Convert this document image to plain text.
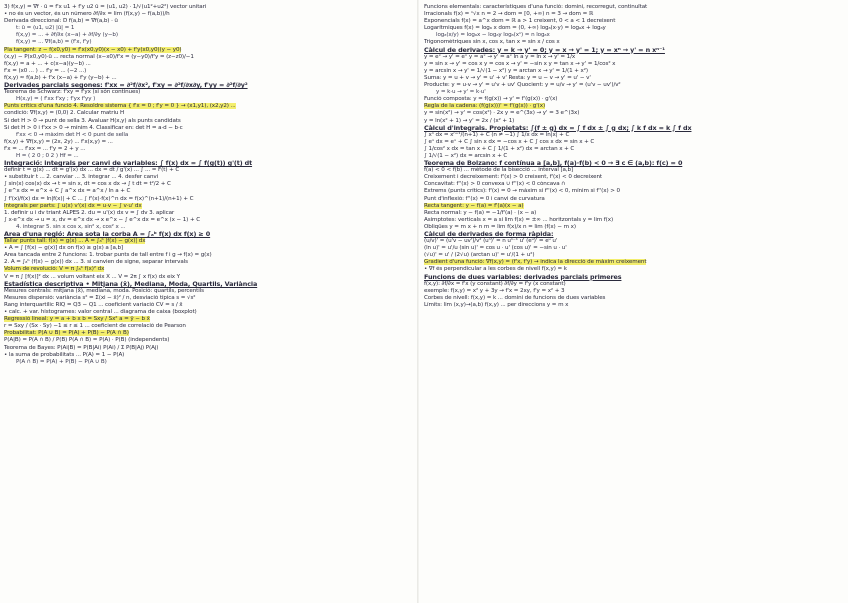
3) f(x,y) = ∇f · ū = f'x u1 + f'y u2 ū = (u1, u2) · 1/√(u1²+u2²) vector unitari
• no és un vector, és un número ∂f/∂x = lim (f(x,y) − f(a,b))/h
Derivada direccional: D f(a,b) = ∇f(a,b) · ū
t: ū = (u1, u2) |ū| = 1
f(x,y) = ... + ∂f/∂x (x−a) + ∂f/∂y (y−b)
f(x,y) = ... ∇f(a,b) = (f'x, f'y)
Pla tangent: z − f(x0,y0) = f'x(x0,y0)(x − x0) + f'y(x0,y0)(y − y0)
(x,y) − P(x0,y0)·ū ... recta normal (x−x0)/f'x = (y−y0)/f'y = (z−z0)/−1
f(x,y) = a + ... + c(x−a)(y−b) ...
f'x = (x0 ... ) ... f'y = ... (−2 ...)
f(x,y) ≈ f(a,b) + f'x (x−a) + f'y (y−b) + ...
Derivades parcials segones: f'xx = ∂²f/∂x², f'xy = ∂²f/∂x∂y, f'yy = ∂²f/∂y²
Teorema de Schwarz: f'xy = f'yx (si són contínues)
H(x,y) = ( f'xx f'xy ; f'yx f'yy )
Punts crítics d'una funció 4. Resoldre sistema { f'x = 0 ; f'y = 0 } → (x1,y1), (x2,y2) ...
condició: ∇f(x,y) = (0,0) 2. Calcular matriu H
Si det H > 0 → punt de sella 3. Avaluar H(x,y) als punts candidats
Si det H > 0 i f'xx > 0 → mínim 4. Classificar en: det H = a·d − b·c
f'xx < 0 → màxim det H < 0 punt de sella
f(x,y) + ∇f(x,y) = (2x, 2y) ... f'x(x,y) = ...
f'x = ... f'xx = ... f'y = 2 + y ...
H = ( 2 0 ; 0 2 ) Hf = ...
Integració: integrals per canvi de variables: ∫ f(x) dx = ∫ f(g(t)) g'(t) dt
definir t = g(x) ... dt = g'(x) dx ... dx = dt / g'(x) ... ∫ ... = F(t) + C
• substituir t ... 2. canviar ... 3. integrar ... 4. desfer canvi
∫ sin(x) cos(x) dx → t = sin x, dt = cos x dx → ∫ t dt = t²/2 + C
∫ e^x dx = e^x + C ∫ a^x dx = a^x / ln a + C
∫ f'(x)/f(x) dx = ln|f(x)| + C ... ∫ f'(x)·f(x)^n dx = f(x)^(n+1)/(n+1) + C
Integrals per parts: ∫ u(x) v'(x) dx = u·v − ∫ v·u' dx
1. definir u i dv triant ALPES 2. du = u'(x) dx v = ∫ dv 3. aplicar
∫ x·e^x dx → u = x, dv = e^x dx → x e^x − ∫ e^x dx = e^x (x − 1) + C
4. integrar 5. sin x cos x, sin² x, cos² x ...
Àrea d'una regió: Àrea sota la corba A = ∫ₐᵇ f(x) dx f(x) ≥ 0
Tallar punts tall: f(x) = g(x) ... A = ∫ₐᵇ |f(x) − g(x)| dx
• A = ∫ [f(x) − g(x)] dx on f(x) ≥ g(x) a [a,b]
Àrea tancada entre 2 funcions: 1. trobar punts de tall entre f i g → f(x) = g(x)
2. A = ∫ₐᵇ (f(x) − g(x)) dx ... 3. si canvien de signe, separar intervals
Volum de revolució: V = π ∫ₐᵇ f(x)² dx
V = π ∫ [f(x)]² dx ... volum voltant eix X ... V = 2π ∫ x f(x) dx eix Y
Estadística descriptiva • Mitjana (x̄), Mediana, Moda, Quartils, Variància
Mesures centrals: mitjana (x̄), mediana, moda. Posició: quartils, percentils
Mesures dispersió: variància s² = Σ(xi − x̄)² / n, desviació típica s = √s²
Rang interquartílic RIQ = Q3 − Q1 ... coeficient variació CV = s / x̄
• calc. + var. histogrames: valor central ... diagrama de caixa (boxplot)
Regressió lineal: y = a + b x b = Sxy / Sx² a = ȳ − b x̄
r = Sxy / (Sx · Sy) −1 ≤ r ≤ 1 ... coeficient de correlació de Pearson
Probabilitat: P(A ∪ B) = P(A) + P(B) − P(A ∩ B)
P(A|B) = P(A ∩ B) / P(B) P(A ∩ B) = P(A) · P(B) (independents)
Teorema de Bayes: P(Ai|B) = P(B|Ai) P(Ai) / Σ P(B|Aj) P(Aj)
• la suma de probabilitats ... P(Ā) = 1 − P(A)
P(A ∩ B) = P(A) + P(B) − P(A ∪ B)
Funcions elementals: característiques d'una funció: domini, recorregut, continuïtat
Irracionals f(x) = ⁿ√x n = 2 → dom = [0, +∞) n = 3 → dom = ℝ
Exponencials f(x) = a^x dom = ℝ a > 1 creixent, 0 < a < 1 decreixent
Logarítmiques f(x) = logₐ x dom = (0, +∞) logₐ(x·y) = logₐx + logₐy
logₐ(x/y) = logₐx − logₐy logₐ(xⁿ) = n logₐx
Trigonomètriques sin x, cos x, tan x = sin x / cos x
Càlcul de derivades: y = k → y' = 0; y = x → y' = 1; y = xⁿ → y' = n xⁿ⁻¹
y = eˣ → y' = eˣ y = aˣ → y' = aˣ ln a y = ln x → y' = 1/x
y = sin x → y' = cos x y = cos x → y' = −sin x y = tan x → y' = 1/cos² x
y = arcsin x → y' = 1/√(1 − x²) y = arctan x → y' = 1/(1 + x²)
Suma: y = u + v → y' = u' + v' Resta: y = u − v → y' = u' − v'
Producte: y = u·v → y' = u'v + uv' Quocient: y = u/v → y' = (u'v − uv')/v²
y = k·u → y' = k·u'
Funció composta: y = f(g(x)) → y' = f'(g(x)) · g'(x)
Regla de la cadena: (f(g(x)))' = f'(g(x)) · g'(x)
y = sin(x²) → y' = cos(x²) · 2x y = e^(3x) → y' = 3 e^(3x)
y = ln(x² + 1) → y' = 2x / (x² + 1)
Càlcul d'integrals. Propietats: ∫(f ± g) dx = ∫ f dx ± ∫ g dx; ∫ k f dx = k ∫ f dx
∫ xⁿ dx = xⁿ⁺¹/(n+1) + C (n ≠ −1) ∫ 1/x dx = ln|x| + C
∫ eˣ dx = eˣ + C ∫ sin x dx = −cos x + C ∫ cos x dx = sin x + C
∫ 1/cos² x dx = tan x + C ∫ 1/(1 + x²) dx = arctan x + C
∫ 1/√(1 − x²) dx = arcsin x + C
Teorema de Bolzano: f contínua a [a,b], f(a)·f(b) < 0 → ∃ c ∈ (a,b): f(c) = 0
f(a) < 0 < f(b) ... mètode de la bisecció ... interval [a,b]
Creixement i decreixement: f'(x) > 0 creixent, f'(x) < 0 decreixent
Concavitat: f''(x) > 0 convexa ∪ f''(x) < 0 còncava ∩
Extrems (punts crítics): f'(x) = 0 → màxim si f''(x) < 0, mínim si f''(x) > 0
Punt d'inflexió: f''(x) = 0 i canvi de curvatura
Recta tangent: y − f(a) = f'(a)(x − a)
Recta normal: y − f(a) = −1/f'(a) · (x − a)
Asímptotes: verticals x = a si lim f(x) = ±∞ ... horitzontals y = lim f(x)
Obliqües y = m x + n m = lim f(x)/x n = lim (f(x) − m x)
Càlcul de derivades de forma ràpida:
(u/v)' = (u'v − uv')/v² (uⁿ)' = n uⁿ⁻¹ u' (eᵘ)' = eᵘ u'
(ln u)' = u'/u (sin u)' = cos u · u' (cos u)' = −sin u · u'
(√u)' = u' / (2√u) (arctan u)' = u'/(1 + u²)
Gradient d'una funció: ∇f(x,y) = (f'x, f'y) → indica la direcció de màxim creixement
• ∇f és perpendicular a les corbes de nivell f(x,y) = k
Funcions de dues variables: derivades parcials primeres
f(x,y): ∂f/∂x = f'x (y constant) ∂f/∂y = f'y (x constant)
exemple: f(x,y) = x² y + 3y → f'x = 2xy, f'y = x² + 3
Corbes de nivell: f(x,y) = k ... domini de funcions de dues variables
Límits: lim (x,y)→(a,b) f(x,y) ... per direccions y = m x
